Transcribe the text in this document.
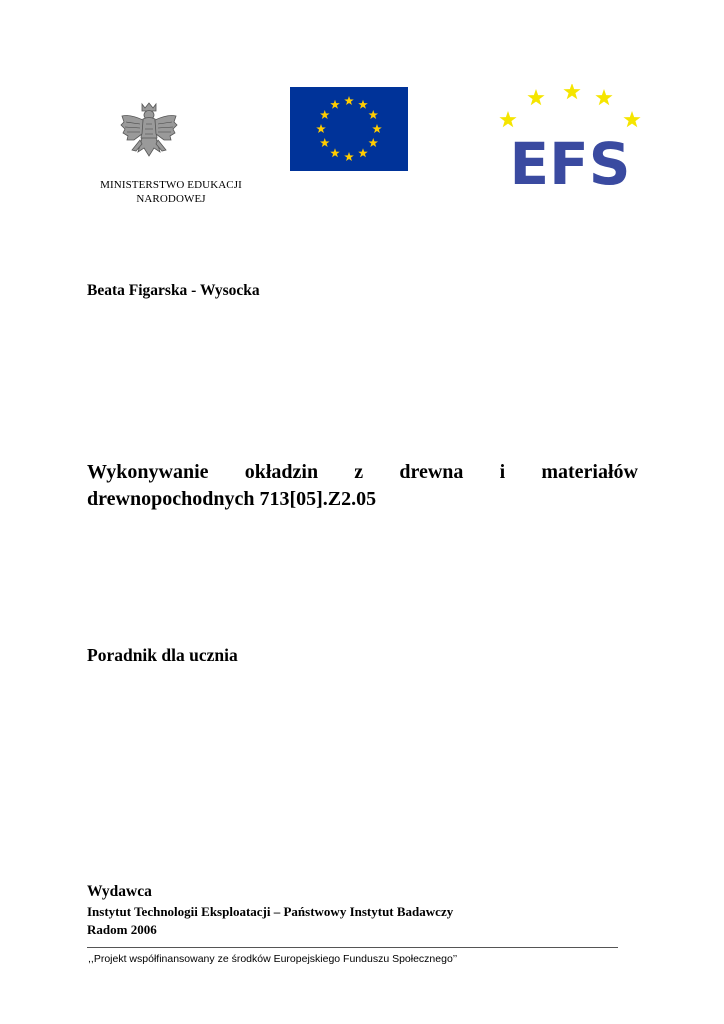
EFS
MINISTERSTWO EDUKACJI
NARODOWEJ
Beata Figarska - Wysocka
Wykonywanie okładzin z drewna i materiałów
drewnopochodnych 713[05].Z2.05
Poradnik dla ucznia
Wydawca
Instytut Technologii Eksploatacji – Państwowy Instytut Badawczy
Radom 2006
,,Projekt współfinansowany ze środków Europejskiego Funduszu Społecznego’’
